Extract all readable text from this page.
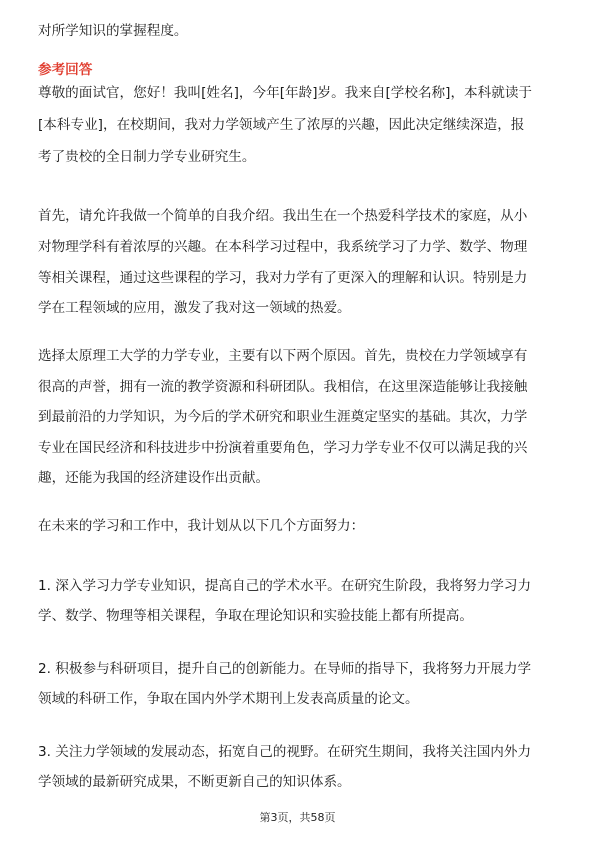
对所学知识的掌握程度。
参考回答
尊敬的面试官，您好！我叫[姓名]，今年[年龄]岁。我来自[学校名称]，本科就读于
[本科专业]，在校期间，我对力学领域产生了浓厚的兴趣，因此决定继续深造，报
考了贵校的全日制力学专业研究生。
首先，请允许我做一个简单的自我介绍。我出生在一个热爱科学技术的家庭，从小
对物理学科有着浓厚的兴趣。在本科学习过程中，我系统学习了力学、数学、物理
等相关课程，通过这些课程的学习，我对力学有了更深入的理解和认识。特别是力
学在工程领域的应用，激发了我对这一领域的热爱。
选择太原理工大学的力学专业，主要有以下两个原因。首先，贵校在力学领域享有
很高的声誉，拥有一流的教学资源和科研团队。我相信，在这里深造能够让我接触
到最前沿的力学知识，为今后的学术研究和职业生涯奠定坚实的基础。其次，力学
专业在国民经济和科技进步中扮演着重要角色，学习力学专业不仅可以满足我的兴
趣，还能为我国的经济建设作出贡献。
在未来的学习和工作中，我计划从以下几个方面努力：
1. 深入学习力学专业知识，提高自己的学术水平。在研究生阶段，我将努力学习力
学、数学、物理等相关课程，争取在理论知识和实验技能上都有所提高。
2. 积极参与科研项目，提升自己的创新能力。在导师的指导下，我将努力开展力学
领域的科研工作，争取在国内外学术期刊上发表高质量的论文。
3. 关注力学领域的发展动态，拓宽自己的视野。在研究生期间，我将关注国内外力
学领域的最新研究成果，不断更新自己的知识体系。
第3页，共58页
